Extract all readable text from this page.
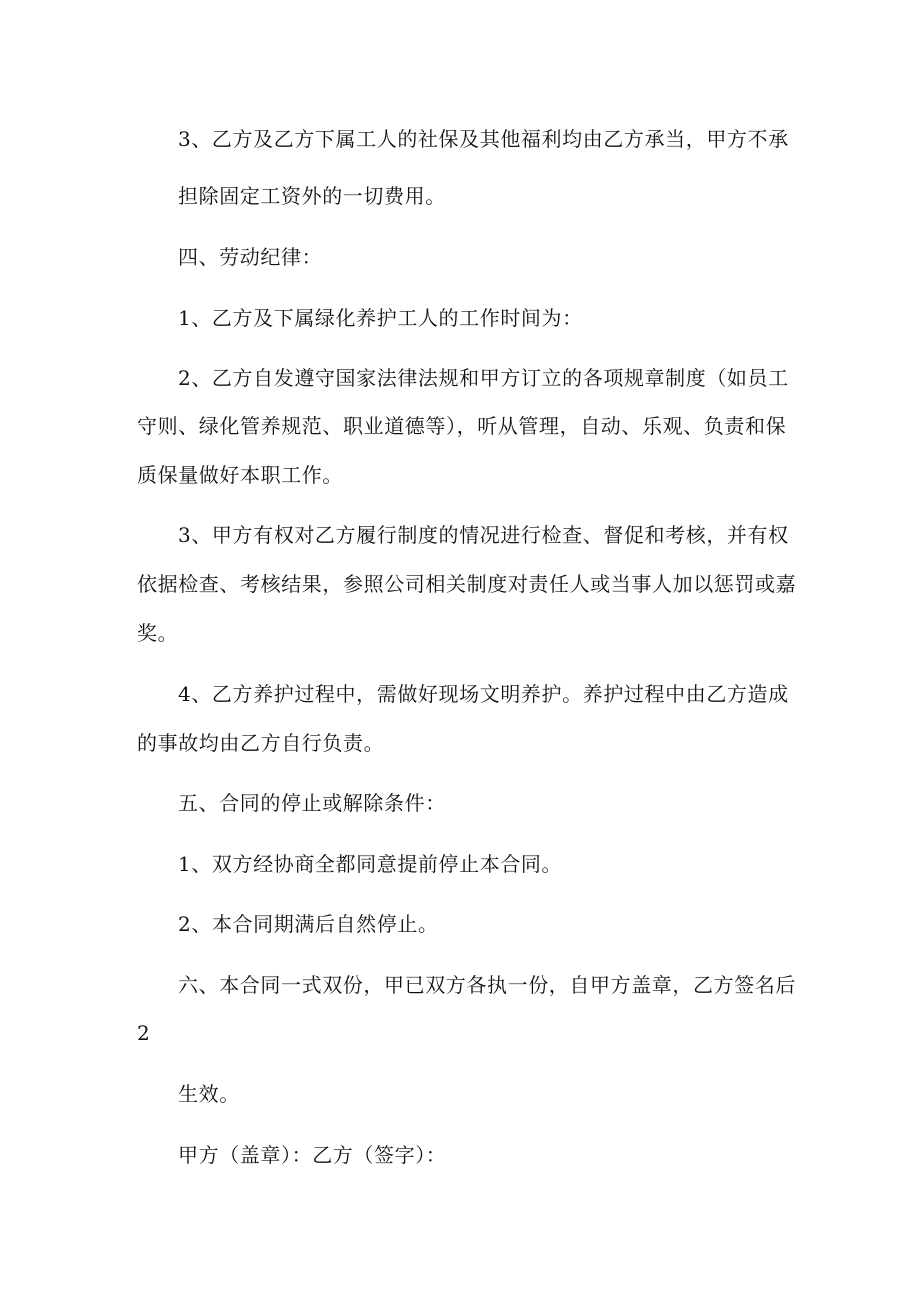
3、乙方及乙方下属工人的社保及其他福利均由乙方承当，甲方不承
担除固定工资外的一切费用。
四、劳动纪律：
1、乙方及下属绿化养护工人的工作时间为：
2、乙方自发遵守国家法律法规和甲方订立的各项规章制度（如员工
守则、绿化管养规范、职业道德等），听从管理，自动、乐观、负责和保
质保量做好本职工作。
3、甲方有权对乙方履行制度的情况进行检查、督促和考核，并有权
依据检查、考核结果，参照公司相关制度对责任人或当事人加以惩罚或嘉
奖。
4、乙方养护过程中，需做好现场文明养护。养护过程中由乙方造成
的事故均由乙方自行负责。
五、合同的停止或解除条件：
1、双方经协商全都同意提前停止本合同。
2、本合同期满后自然停止。
六、本合同一式双份，甲已双方各执一份，自甲方盖章，乙方签名后
2
生效。
甲方（盖章）：乙方（签字）：
